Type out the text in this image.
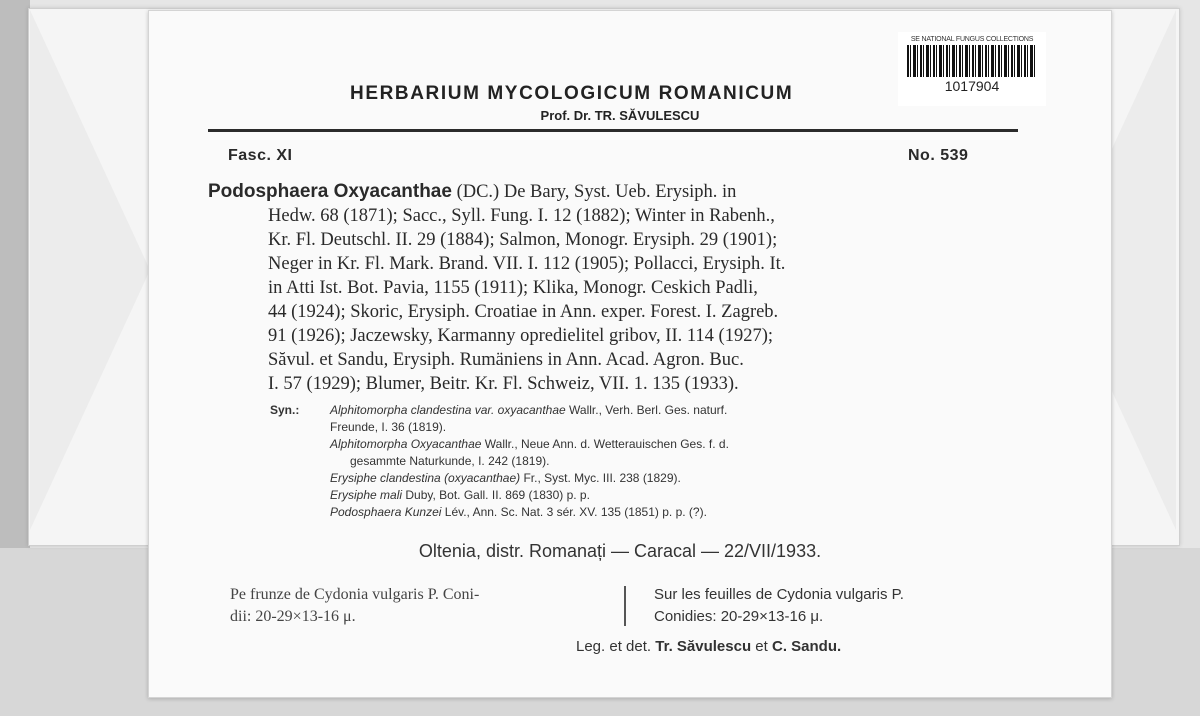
SE NATIONAL FUNGUS COLLECTIONS
1017904
HERBARIUM MYCOLOGICUM ROMANICUM
Prof. Dr. TR. SĂVULESCU
Fasc. XI	No. 539
Podosphaera Oxyacanthae (DC.) De Bary, Syst. Ueb. Erysiph. in
Hedw. 68 (1871); Sacc., Syll. Fung. I. 12 (1882); Winter in Rabenh.,
Kr. Fl. Deutschl. II. 29 (1884); Salmon, Monogr. Erysiph. 29 (1901);
Neger in Kr. Fl. Mark. Brand. VII. I. 112 (1905); Pollacci, Erysiph. It.
in Atti Ist. Bot. Pavia, 1155 (1911); Klika, Monogr. Ceskich Padli,
44 (1924); Skoric, Erysiph. Croatiae in Ann. exper. Forest. I. Zagreb.
91 (1926); Jaczewsky, Karmanny opredielitel gribov, II. 114 (1927);
Săvul. et Sandu, Erysiph. Rumäniens in Ann. Acad. Agron. Buc.
I. 57 (1929); Blumer, Beitr. Kr. Fl. Schweiz, VII. 1. 135 (1933).
Syn.:	Alphitomorpha clandestina var. oxyacanthae Wallr., Verh. Berl. Ges. naturf.
Freunde, I. 36 (1819).
Alphitomorpha Oxyacanthae Wallr., Neue Ann. d. Wetterauischen Ges. f. d.
gesammte Naturkunde, I. 242 (1819).
Erysiphe clandestina (oxyacanthae) Fr., Syst. Myc. III. 238 (1829).
Erysiphe mali Duby, Bot. Gall. II. 869 (1830) p. p.
Podosphaera Kunzei Lév., Ann. Sc. Nat. 3 sér. XV. 135 (1851) p. p. (?).
Oltenia, distr. Romanați — Caracal — 22/VII/1933.
Pe frunze de Cydonia vulgaris P. Coni-
dii: 20-29×13-16 μ.
Sur les feuilles de Cydonia vulgaris P.
Conidies: 20-29×13-16 μ.
Leg. et det. Tr. Săvulescu et C. Sandu.
